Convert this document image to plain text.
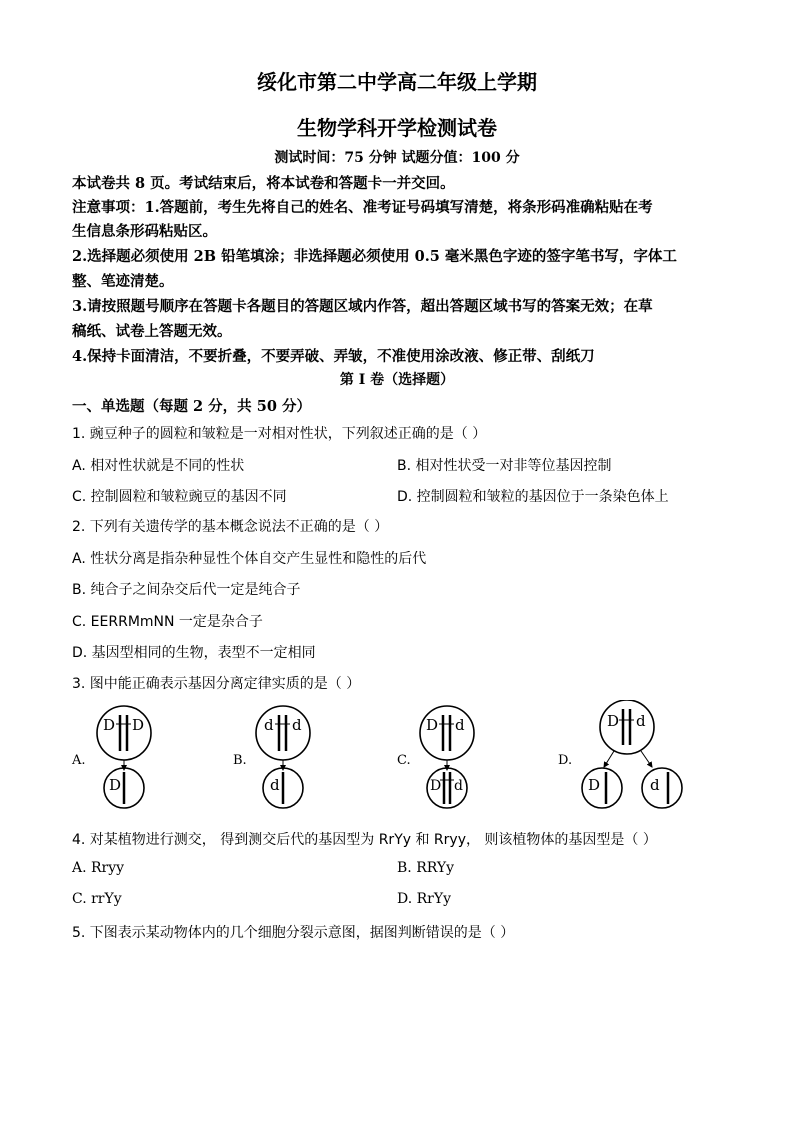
绥化市第二中学高二年级上学期
生物学科开学检测试卷
测试时间：75 分钟 试题分值：100 分
本试卷共 8 页。考试结束后，将本试卷和答题卡一并交回。
注意事项：1.答题前，考生先将自己的姓名、准考证号码填写清楚，将条形码准确粘贴在考
生信息条形码粘贴区。
2.选择题必须使用 2B 铅笔填涂；非选择题必须使用 0.5 毫米黑色字迹的签字笔书写，字体工
整、笔迹清楚。
3.请按照题号顺序在答题卡各题目的答题区域内作答，超出答题区域书写的答案无效；在草
稿纸、试卷上答题无效。
4.保持卡面清洁，不要折叠，不要弄破、弄皱，不准使用涂改液、修正带、刮纸刀
第 I 卷（选择题）
一、单选题（每题 2 分，共 50 分）
1. 豌豆种子的圆粒和皱粒是一对相对性状，下列叙述正确的是（ ）
A. 相对性状就是不同的性状	B. 相对性状受一对非等位基因控制
C. 控制圆粒和皱粒豌豆的基因不同	D. 控制圆粒和皱粒的基因位于一条染色体上
2. 下列有关遗传学的基本概念说法不正确的是（ ）
A. 性状分离是指杂种显性个体自交产生显性和隐性的后代
B. 纯合子之间杂交后代一定是纯合子
C. EERRMmNN 一定是杂合子
D. 基因型相同的生物，表型不一定相同
3. 图中能正确表示基因分离定律实质的是（ ）
A.
D D
D
B.
d d
d
C.
D d
D d
D.
D d
D	d
4. 对某植物进行测交， 得到测交后代的基因型为 RrYy 和 Rryy， 则该植物体的基因型是（ ）
A. Rryy	B. RRYy
C. rrYy	D. RrYy
5. 下图表示某动物体内的几个细胞分裂示意图，据图判断错误的是（ ）
